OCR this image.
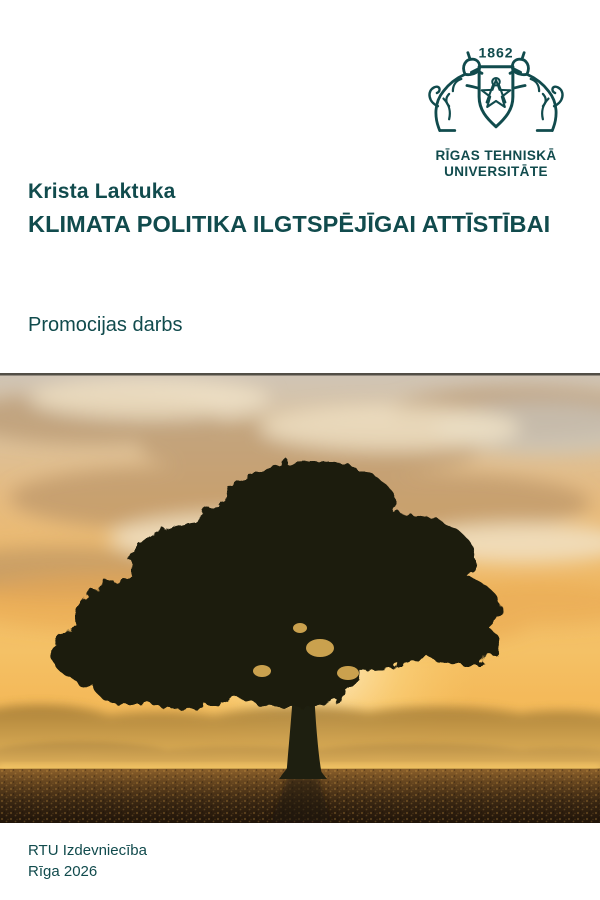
1862
RĪGAS TEHNISKĀ
UNIVERSITĀTE
Krista Laktuka
KLIMATA POLITIKA ILGTSPĒJĪGAI ATTĪSTĪBAI
Promocijas darbs
RTU Izdevniecība
Rīga 2026
